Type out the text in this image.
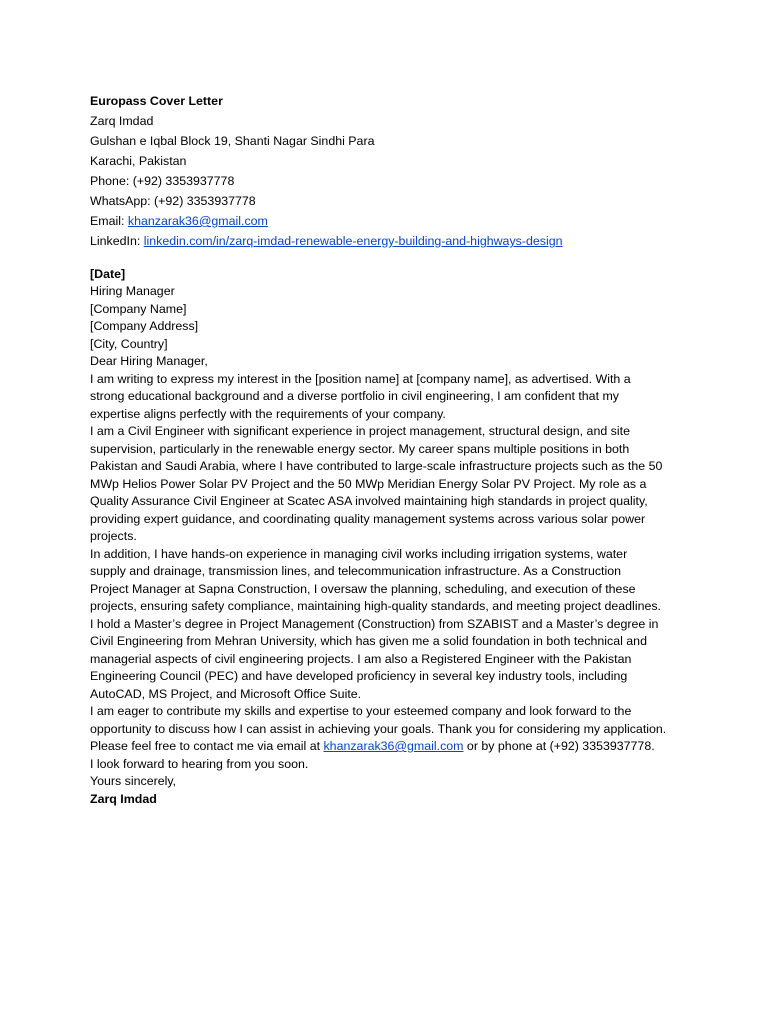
Europass Cover Letter
Zarq Imdad
Gulshan e Iqbal Block 19, Shanti Nagar Sindhi Para
Karachi, Pakistan
Phone: (+92) 3353937778
WhatsApp: (+92) 3353937778
Email: khanzarak36@gmail.com
LinkedIn: linkedin.com/in/zarq-imdad-renewable-energy-building-and-highways-design
[Date]
Hiring Manager
[Company Name]
[Company Address]
[City, Country]
Dear Hiring Manager,
I am writing to express my interest in the [position name] at [company name], as advertised. With a
strong educational background and a diverse portfolio in civil engineering, I am confident that my
expertise aligns perfectly with the requirements of your company.
I am a Civil Engineer with significant experience in project management, structural design, and site
supervision, particularly in the renewable energy sector. My career spans multiple positions in both
Pakistan and Saudi Arabia, where I have contributed to large-scale infrastructure projects such as the 50
MWp Helios Power Solar PV Project and the 50 MWp Meridian Energy Solar PV Project. My role as a
Quality Assurance Civil Engineer at Scatec ASA involved maintaining high standards in project quality,
providing expert guidance, and coordinating quality management systems across various solar power
projects.
In addition, I have hands-on experience in managing civil works including irrigation systems, water
supply and drainage, transmission lines, and telecommunication infrastructure. As a Construction
Project Manager at Sapna Construction, I oversaw the planning, scheduling, and execution of these
projects, ensuring safety compliance, maintaining high-quality standards, and meeting project deadlines.
I hold a Master’s degree in Project Management (Construction) from SZABIST and a Master’s degree in
Civil Engineering from Mehran University, which has given me a solid foundation in both technical and
managerial aspects of civil engineering projects. I am also a Registered Engineer with the Pakistan
Engineering Council (PEC) and have developed proficiency in several key industry tools, including
AutoCAD, MS Project, and Microsoft Office Suite.
I am eager to contribute my skills and expertise to your esteemed company and look forward to the
opportunity to discuss how I can assist in achieving your goals. Thank you for considering my application.
Please feel free to contact me via email at khanzarak36@gmail.com or by phone at (+92) 3353937778.
I look forward to hearing from you soon.
Yours sincerely,
Zarq Imdad
